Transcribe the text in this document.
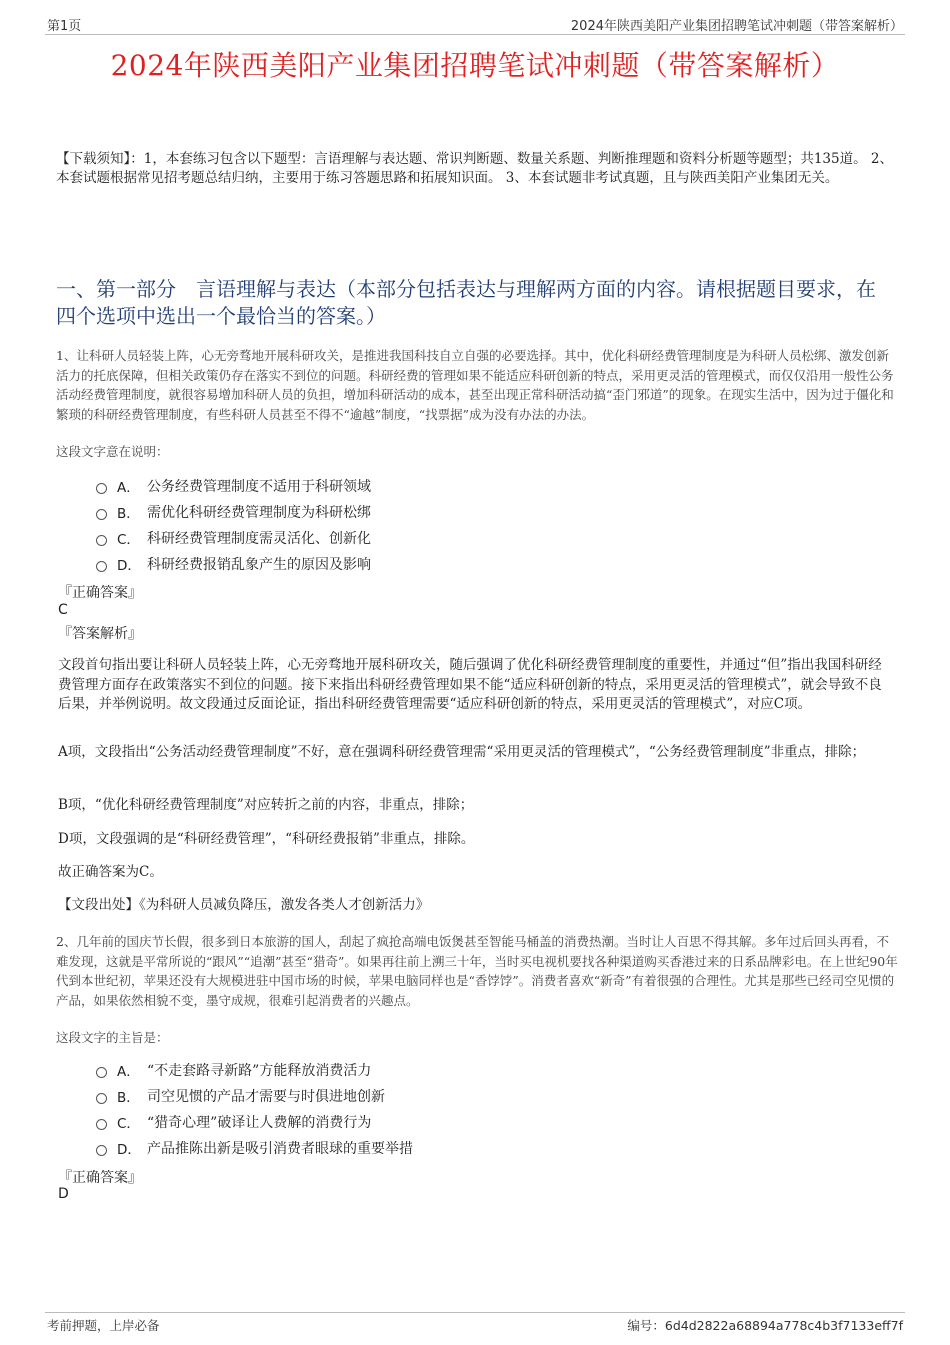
第1页	2024年陕西美阳产业集团招聘笔试冲刺题（带答案解析）
2024年陕西美阳产业集团招聘笔试冲刺题（带答案解析）
【下载须知】：1，本套练习包含以下题型：言语理解与表达题、常识判断题、数量关系题、判断推理题和资料分析题等题型；共135道。 2、本套试题根据常见招考题总结归纳，主要用于练习答题思路和拓展知识面。 3、本套试题非考试真题，且与陕西美阳产业集团无关。
一、第一部分　言语理解与表达（本部分包括表达与理解两方面的内容。请根据题目要求，在四个选项中选出一个最恰当的答案。）
1、让科研人员轻装上阵，心无旁骛地开展科研攻关，是推进我国科技自立自强的必要选择。其中，优化科研经费管理制度是为科研人员松绑、激发创新活力的托底保障，但相关政策仍存在落实不到位的问题。科研经费的管理如果不能适应科研创新的特点，采用更灵活的管理模式，而仅仅沿用一般性公务活动经费管理制度，就很容易增加科研人员的负担，增加科研活动的成本，甚至出现正常科研活动搞“歪门邪道”的现象。在现实生活中，因为过于僵化和繁琐的科研经费管理制度，有些科研人员甚至不得不“逾越”制度，“找票据”成为没有办法的办法。
这段文字意在说明：
A． 公务经费管理制度不适用于科研领域
B． 需优化科研经费管理制度为科研松绑
C． 科研经费管理制度需灵活化、创新化
D． 科研经费报销乱象产生的原因及影响
『正确答案』
C
『答案解析』
文段首句指出要让科研人员轻装上阵，心无旁骛地开展科研攻关，随后强调了优化科研经费管理制度的重要性，并通过“但”指出我国科研经费管理方面存在政策落实不到位的问题。接下来指出科研经费管理如果不能“适应科研创新的特点，采用更灵活的管理模式”，就会导致不良后果，并举例说明。故文段通过反面论证，指出科研经费管理需要“适应科研创新的特点，采用更灵活的管理模式”，对应C项。
A项，文段指出“公务活动经费管理制度”不好，意在强调科研经费管理需“采用更灵活的管理模式”，“公务经费管理制度”非重点，排除；
B项，“优化科研经费管理制度”对应转折之前的内容，非重点，排除；
D项，文段强调的是“科研经费管理”，“科研经费报销”非重点，排除。
故正确答案为C。
【文段出处】《为科研人员减负降压，激发各类人才创新活力》
2、几年前的国庆节长假，很多到日本旅游的国人，刮起了疯抢高端电饭煲甚至智能马桶盖的消费热潮。当时让人百思不得其解。多年过后回头再看，不难发现，这就是平常所说的“跟风”“追潮”甚至“猎奇”。如果再往前上溯三十年，当时买电视机要找各种渠道购买香港过来的日系品牌彩电。在上世纪90年代到本世纪初，苹果还没有大规模进驻中国市场的时候，苹果电脑同样也是“香饽饽”。消费者喜欢“新奇”有着很强的合理性。尤其是那些已经司空见惯的产品，如果依然相貌不变，墨守成规，很难引起消费者的兴趣点。
这段文字的主旨是：
A． “不走套路寻新路”方能释放消费活力
B． 司空见惯的产品才需要与时俱进地创新
C． “猎奇心理”破译让人费解的消费行为
D． 产品推陈出新是吸引消费者眼球的重要举措
『正确答案』
D
考前押题，上岸必备	编号：6d4d2822a68894a778c4b3f7133eff7f
